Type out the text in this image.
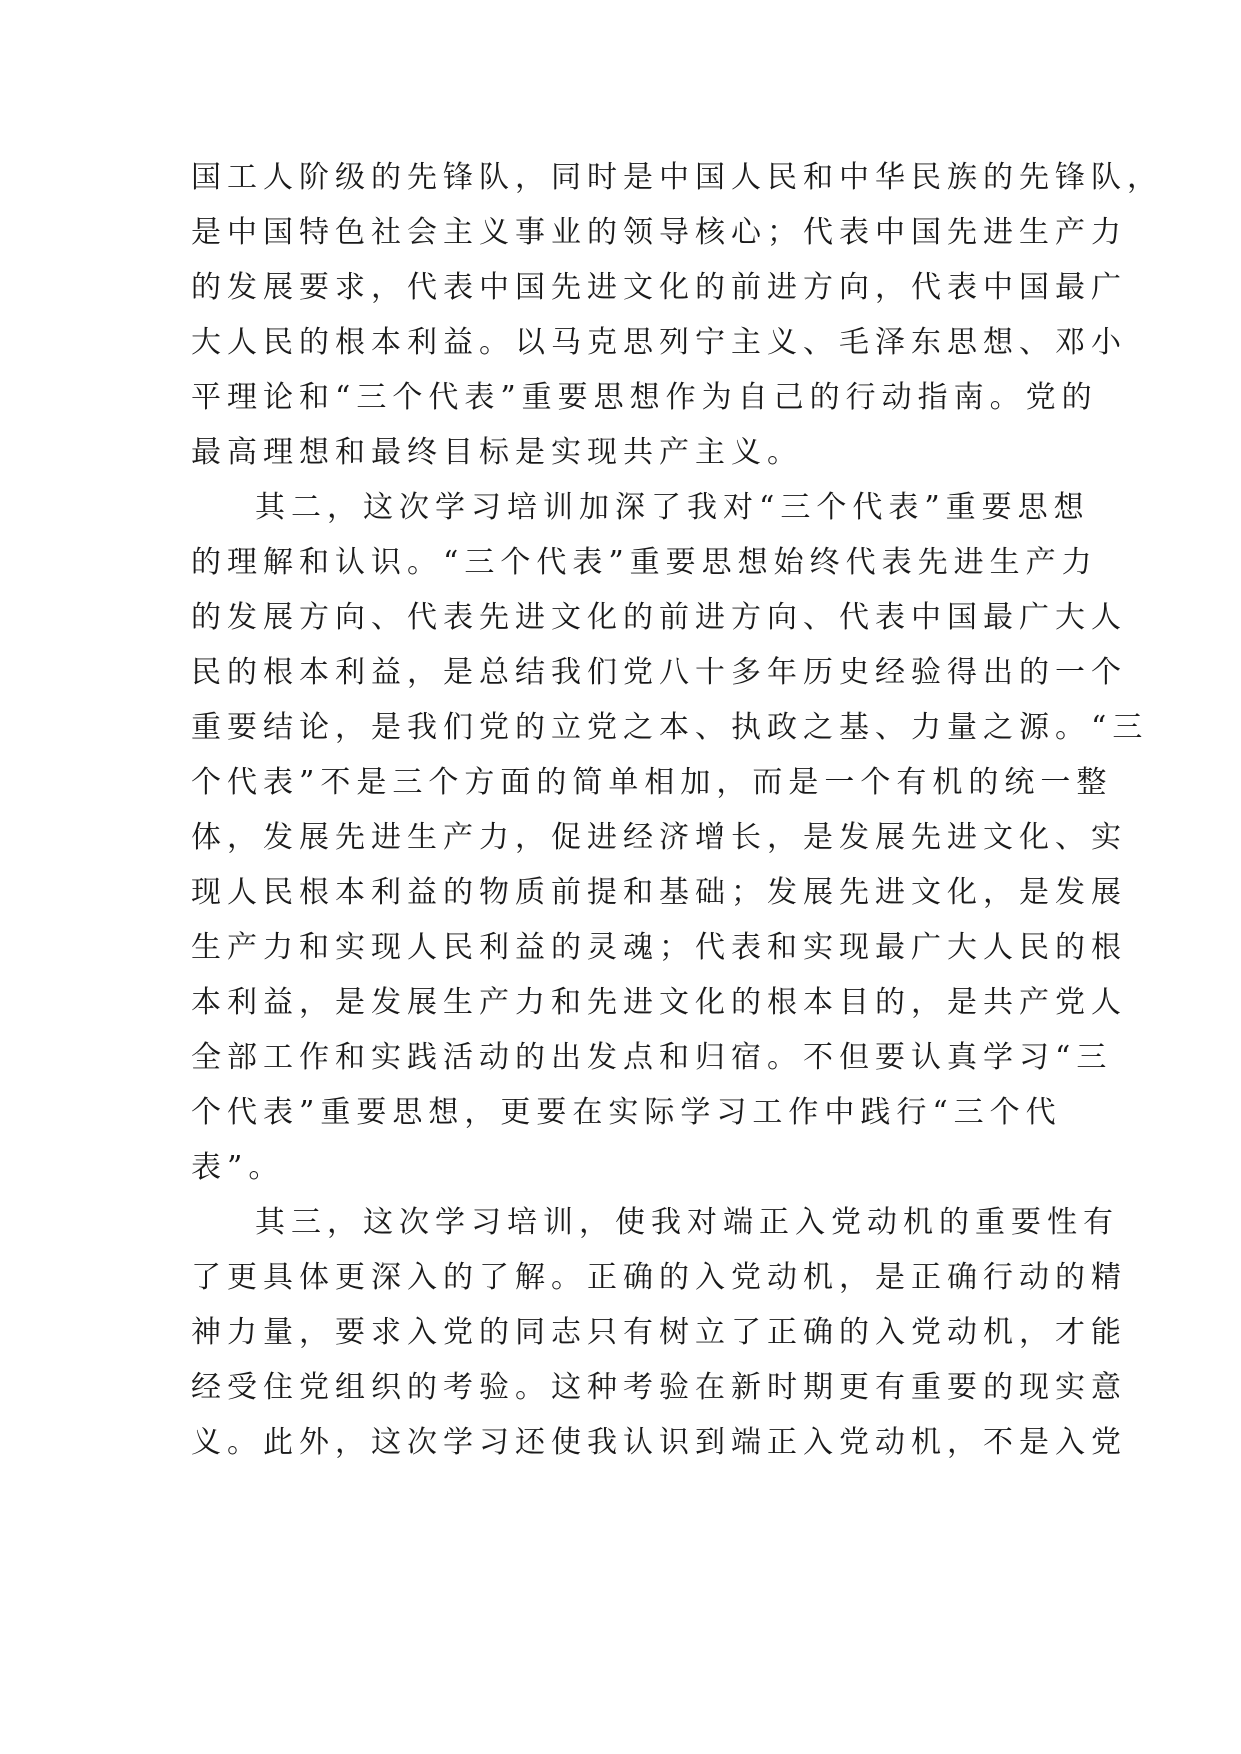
国工人阶级的先锋队，同时是中国人民和中华民族的先锋队，
是中国特色社会主义事业的领导核心；代表中国先进生产力
的发展要求，代表中国先进文化的前进方向，代表中国最广
大人民的根本利益。以马克思列宁主义、毛泽东思想、邓小
平理论和“三个代表”重要思想作为自己的行动指南。党的
最高理想和最终目标是实现共产主义。
其二，这次学习培训加深了我对“三个代表”重要思想
的理解和认识。“三个代表”重要思想始终代表先进生产力
的发展方向、代表先进文化的前进方向、代表中国最广大人
民的根本利益，是总结我们党八十多年历史经验得出的一个
重要结论，是我们党的立党之本、执政之基、力量之源。“三
个代表”不是三个方面的简单相加，而是一个有机的统一整
体，发展先进生产力，促进经济增长，是发展先进文化、实
现人民根本利益的物质前提和基础；发展先进文化，是发展
生产力和实现人民利益的灵魂；代表和实现最广大人民的根
本利益，是发展生产力和先进文化的根本目的，是共产党人
全部工作和实践活动的出发点和归宿。不但要认真学习“三
个代表”重要思想，更要在实际学习工作中践行“三个代
表”。
其三，这次学习培训，使我对端正入党动机的重要性有
了更具体更深入的了解。正确的入党动机，是正确行动的精
神力量，要求入党的同志只有树立了正确的入党动机，才能
经受住党组织的考验。这种考验在新时期更有重要的现实意
义。此外，这次学习还使我认识到端正入党动机，不是入党
